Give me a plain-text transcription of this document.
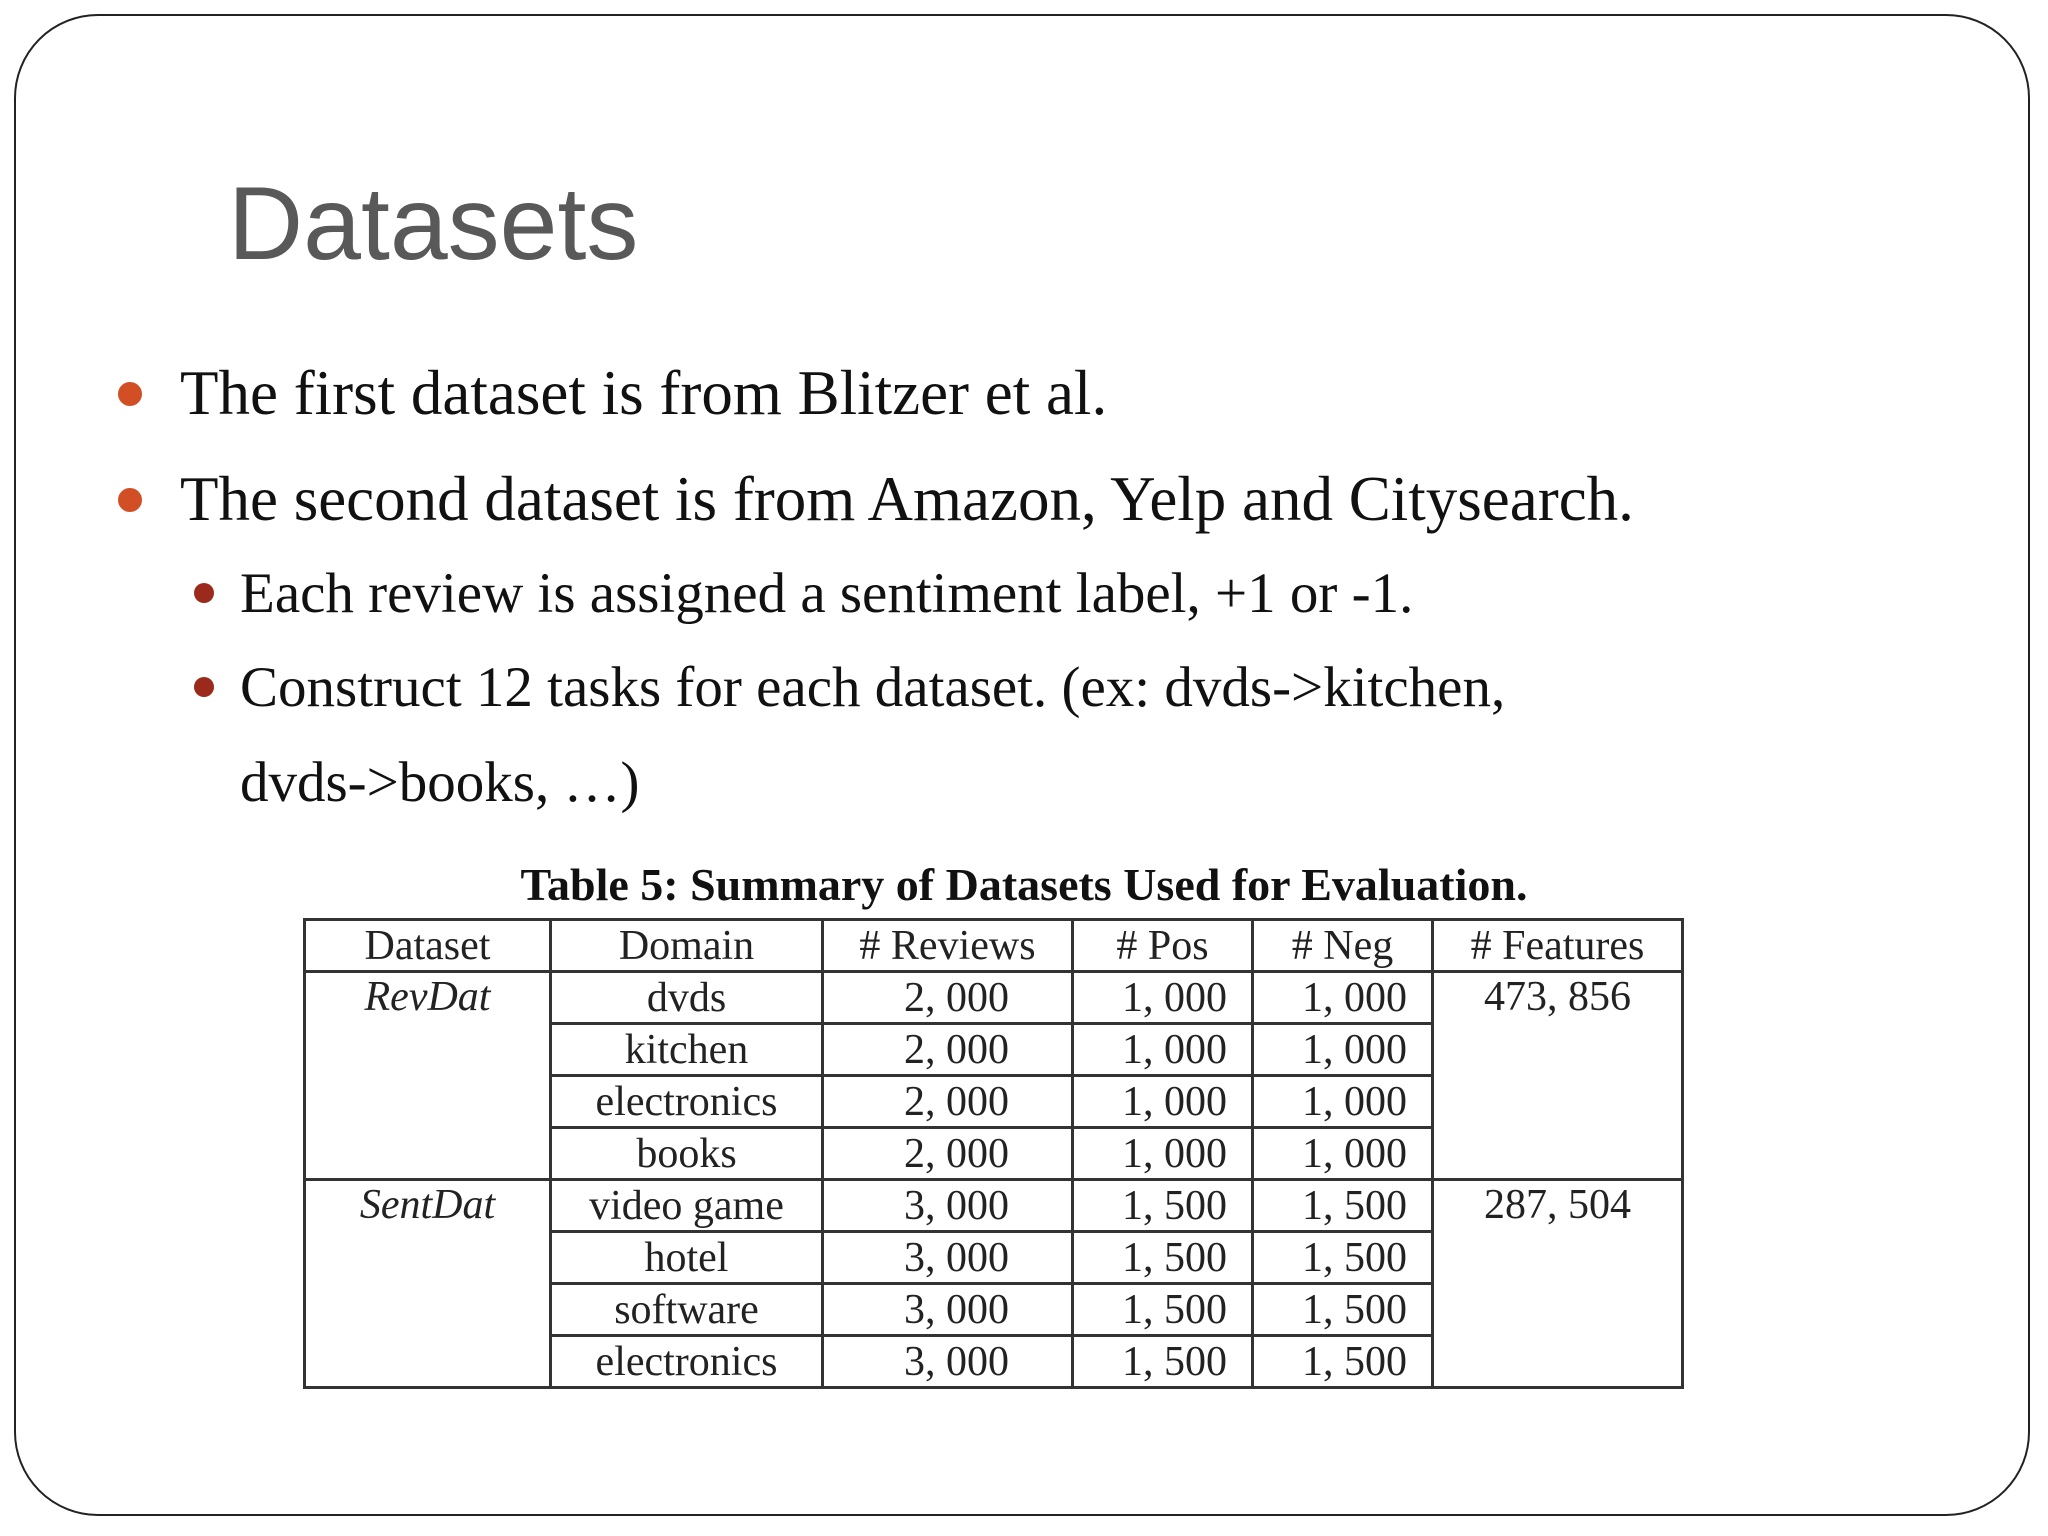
Datasets
The first dataset is from Blitzer et al.
The second dataset is from Amazon, Yelp and Citysearch.
Each review is assigned a sentiment label, +1 or -1.
Construct 12 tasks for each dataset. (ex: dvds->kitchen,
dvds->books, …)
Table 5: Summary of Datasets Used for Evaluation.
Dataset	Domain	# Reviews	# Pos	# Neg	# Features
RevDat	dvds	2, 000	1, 000	1, 000	473, 856
	kitchen	2, 000	1, 000	1, 000	
	electronics	2, 000	1, 000	1, 000	
	books	2, 000	1, 000	1, 000	
SentDat	video game	3, 000	1, 500	1, 500	287, 504
	hotel	3, 000	1, 500	1, 500	
	software	3, 000	1, 500	1, 500	
	electronics	3, 000	1, 500	1, 500	
